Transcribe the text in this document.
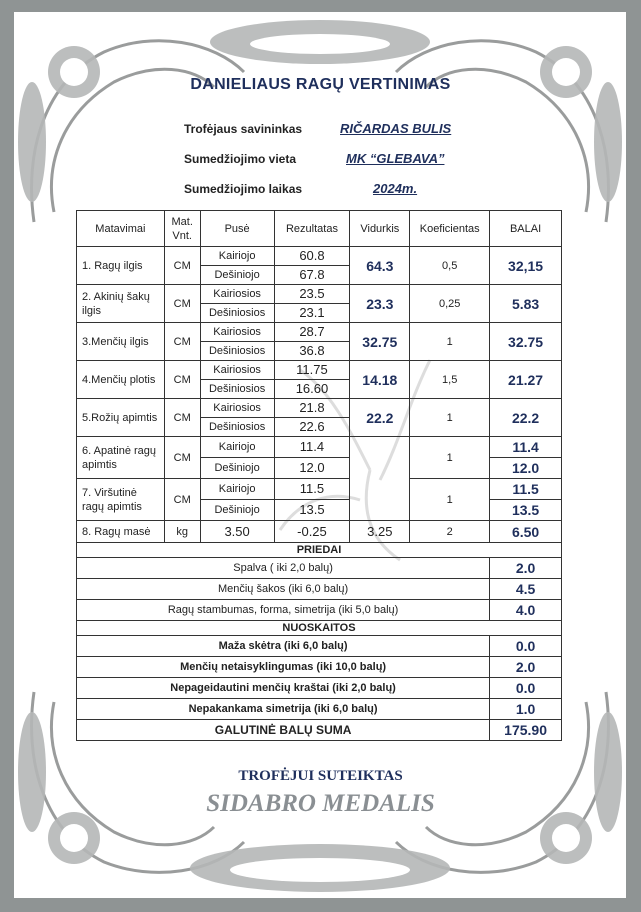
DANIELIAUS RAGŲ VERTINIMAS
Trofėjaus savininkas	RIČARDAS BULIS
Sumedžiojimo vieta	MK “GLEBAVA”
Sumedžiojimo laikas	2024m.
Matavimai	Mat. Vnt.	Pusė	Rezultatas	Vidurkis	Koeficientas	BALAI
1. Ragų ilgis	CM	Kairiojo	60.8	64.3	0,5	32,15
		Dešiniojo	67.8			
2. Akinių šakų ilgis	CM	Kairiosios	23.5	23.3	0,25	5.83
		Dešiniosios	23.1			
3.Menčių ilgis	CM	Kairiosios	28.7	32.75	1	32.75
		Dešiniosios	36.8			
4.Menčių plotis	CM	Kairiosios	11.75	14.18	1,5	21.27
		Dešiniosios	16.60			
5.Rožių apimtis	CM	Kairiosios	21.8	22.2	1	22.2
		Dešiniosios	22.6			
6. Apatinė ragų apimtis	CM	Kairiojo	11.4		1	11.4
		Dešiniojo	12.0			12.0
7. Viršutinė ragų apimtis	CM	Kairiojo	11.5		1	11.5
		Dešiniojo	13.5			13.5
8. Ragų masė	kg	3.50	-0.25	3.25	2	6.50
PRIEDAI						
Spalva ( iki 2,0 balų)						2.0
Menčių šakos (iki 6,0 balų)						4.5
Ragų stambumas, forma, simetrija (iki 5,0 balų)						4.0
NUOSKAITOS						
Maža skėtra (iki 6,0 balų)						0.0
Menčių netaisyklingumas (iki 10,0 balų)						2.0
Nepageidautini menčių kraštai (iki 2,0 balų)						0.0
Nepakankama simetrija (iki 6,0 balų)						1.0
GALUTINĖ BALŲ SUMA						175.90
TROFĖJUI SUTEIKTAS
SIDABRO MEDALIS
